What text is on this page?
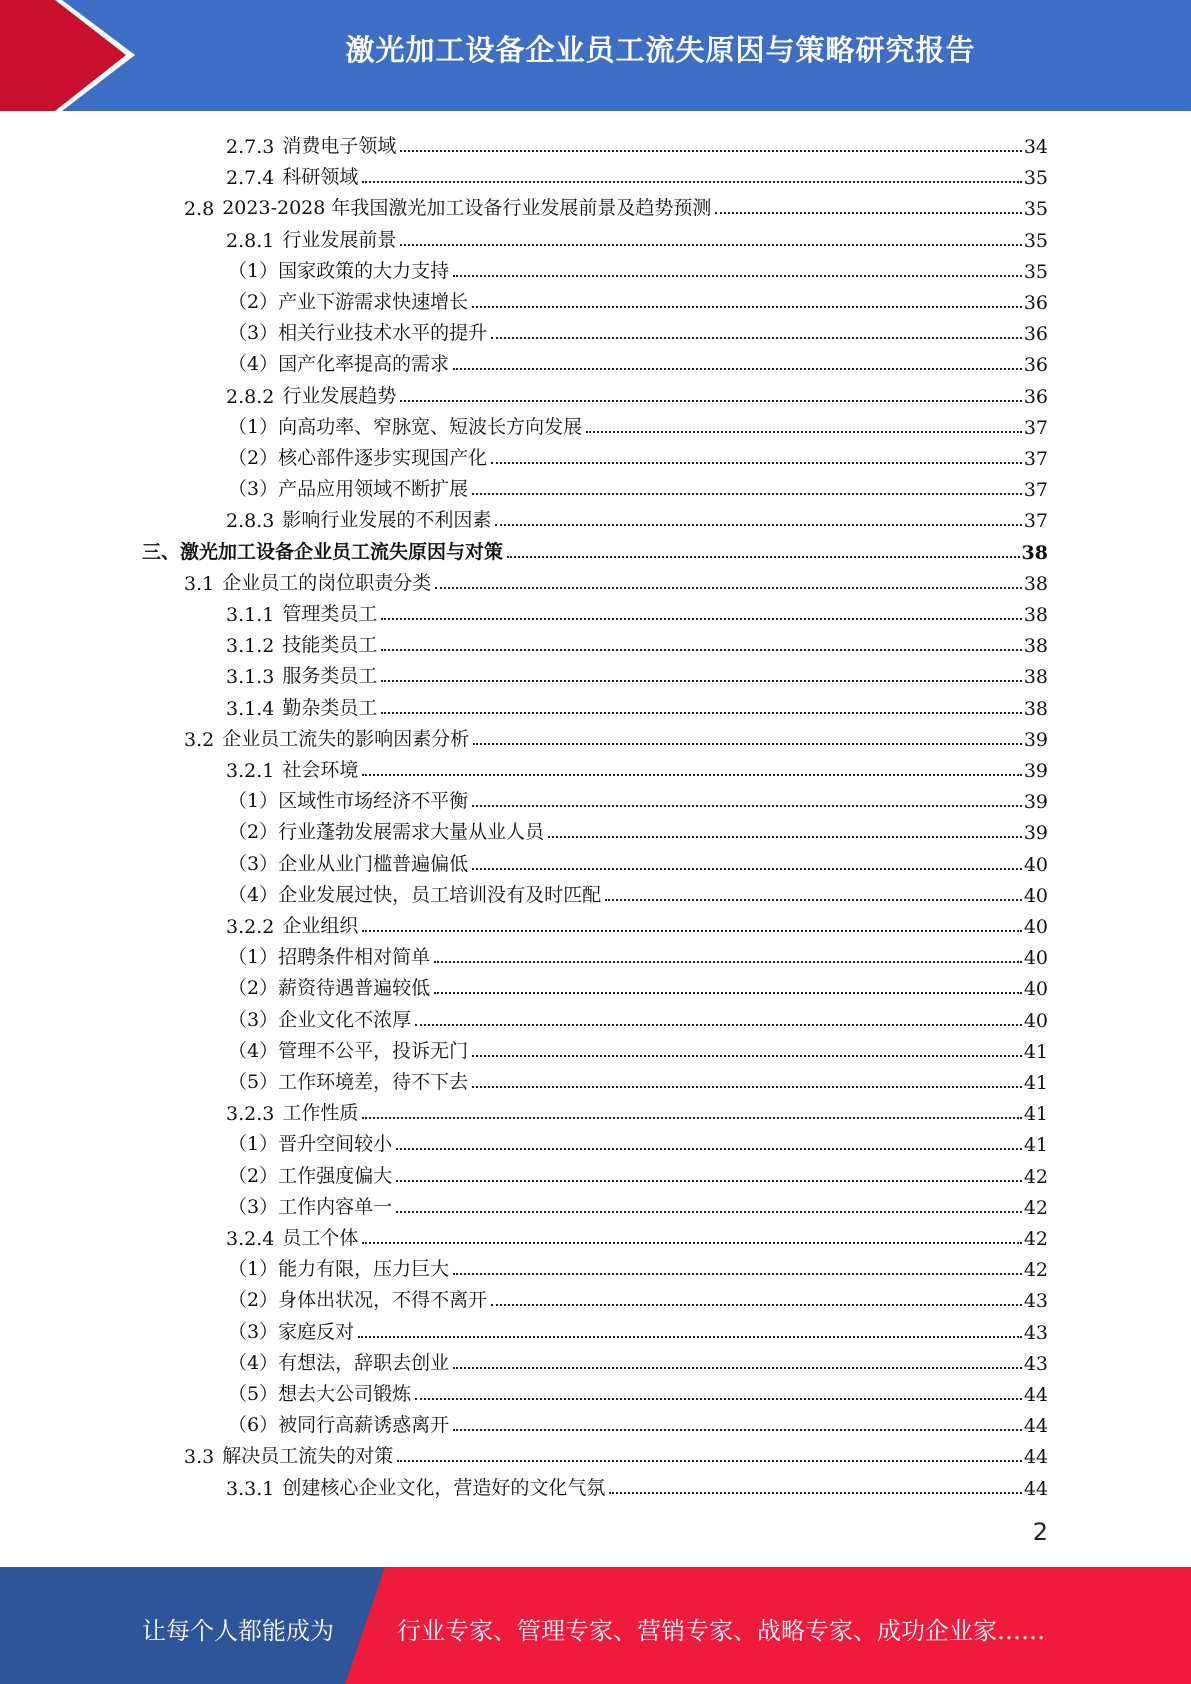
激光加工设备企业员工流失原因与策略研究报告
2.7.3 消费电子领域	34
2.7.4 科研领域	35
2.8 2023-2028 年我国激光加工设备行业发展前景及趋势预测	35
2.8.1 行业发展前景	35
（1） 国家政策的大力支持	35
（2） 产业下游需求快速增长	36
（3） 相关行业技术水平的提升	36
（4） 国产化率提高的需求	36
2.8.2 行业发展趋势	36
（1） 向高功率、窄脉宽、短波长方向发展	37
（2） 核心部件逐步实现国产化	37
（3） 产品应用领域不断扩展	37
2.8.3 影响行业发展的不利因素	37
三、 激光加工设备企业员工流失原因与对策	38
3.1 企业员工的岗位职责分类	38
3.1.1 管理类员工	38
3.1.2 技能类员工	38
3.1.3 服务类员工	38
3.1.4 勤杂类员工	38
3.2 企业员工流失的影响因素分析	39
3.2.1 社会环境	39
（1） 区域性市场经济不平衡	39
（2） 行业蓬勃发展需求大量从业人员	39
（3） 企业从业门槛普遍偏低	40
（4） 企业发展过快，员工培训没有及时匹配	40
3.2.2 企业组织	40
（1） 招聘条件相对简单	40
（2） 薪资待遇普遍较低	40
（3） 企业文化不浓厚	40
（4） 管理不公平，投诉无门	41
（5） 工作环境差，待不下去	41
3.2.3 工作性质	41
（1） 晋升空间较小	41
（2） 工作强度偏大	42
（3） 工作内容单一	42
3.2.4 员工个体	42
（1） 能力有限，压力巨大	42
（2） 身体出状况，不得不离开	43
（3） 家庭反对	43
（4） 有想法，辞职去创业	43
（5） 想去大公司锻炼	44
（6） 被同行高薪诱惑离开	44
3.3 解决员工流失的对策	44
3.3.1 创建核心企业文化，营造好的文化气氛	44
2
让每个人都能成为	行业专家、管理专家、营销专家、战略专家、成功企业家……
